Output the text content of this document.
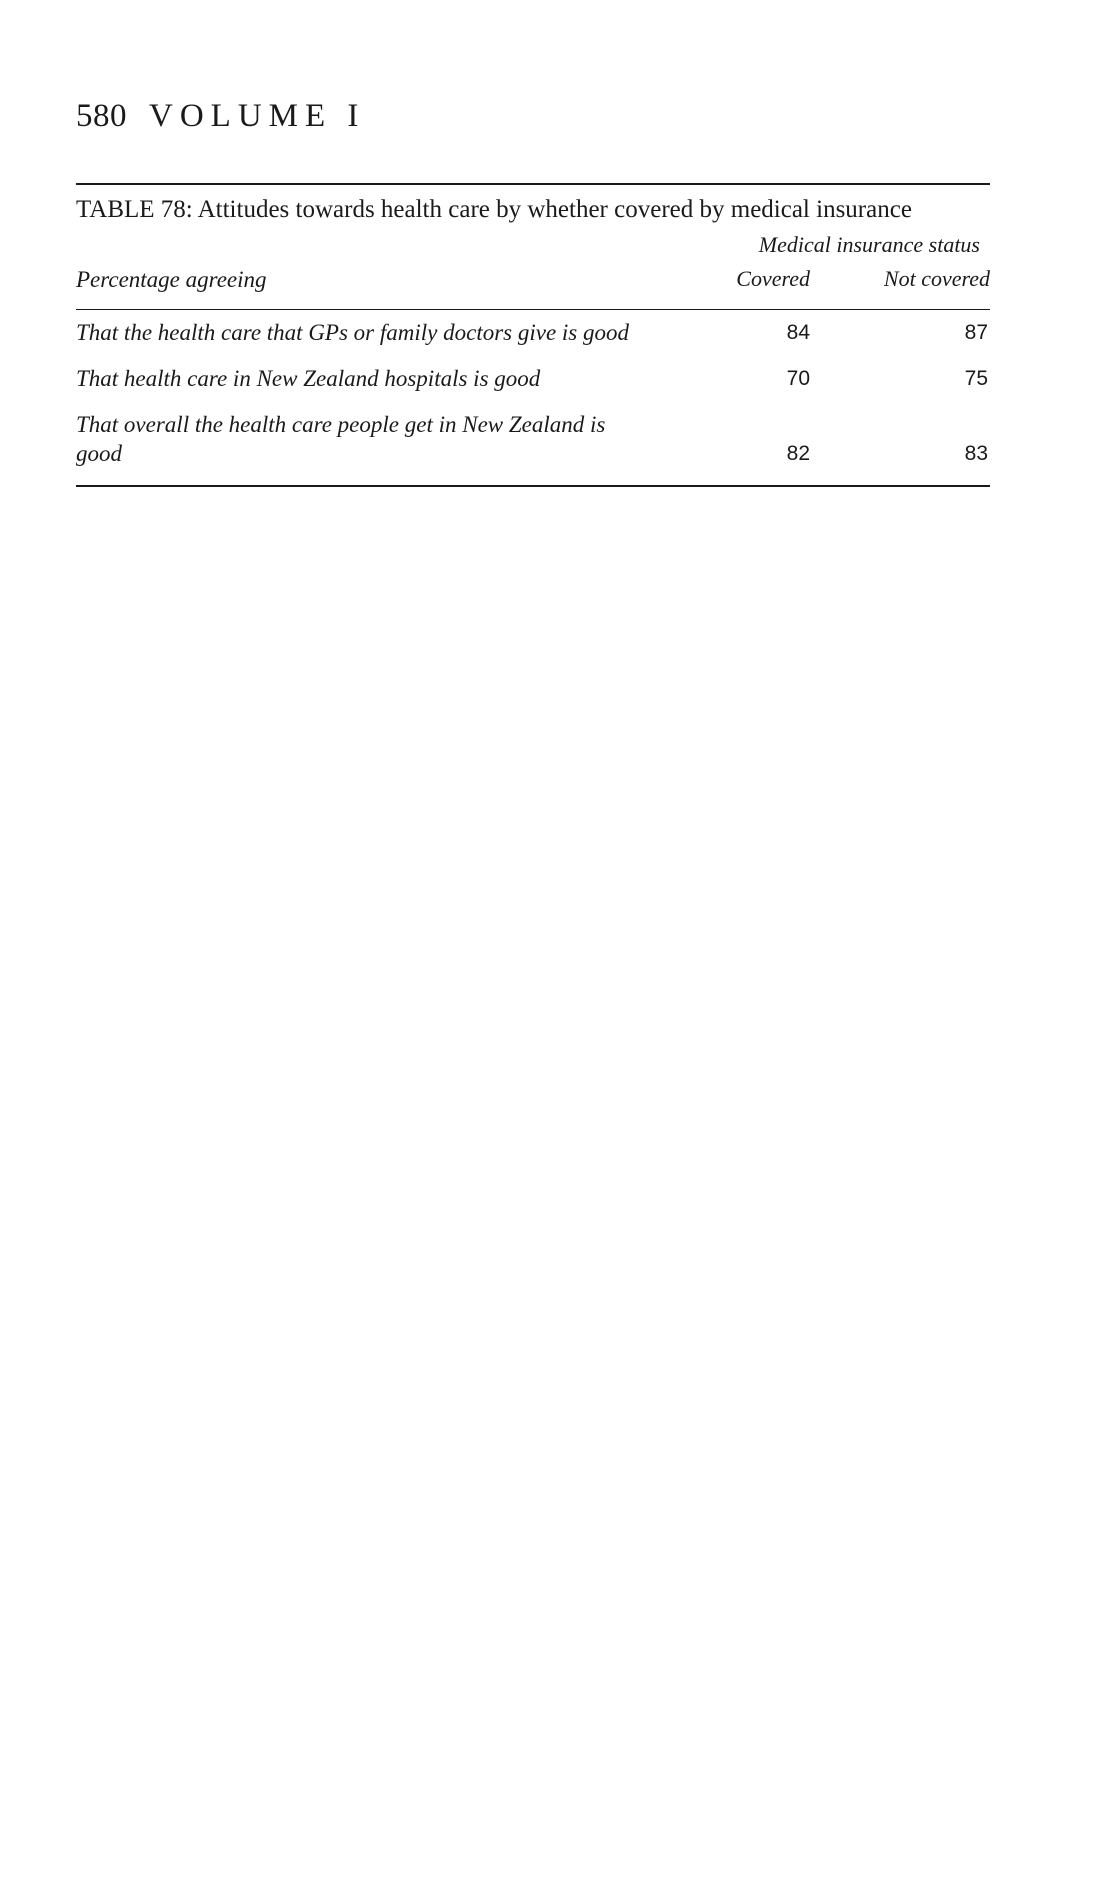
580 VOLUME I
TABLE 78: Attitudes towards health care by whether covered by medical insurance
Medical insurance status
Percentage agreeing	Covered	Not covered
That the health care that GPs or family doctors give is good	84	87
That health care in New Zealand hospitals is good	70	75
That overall the health care people get in New Zealand is good	82	83
